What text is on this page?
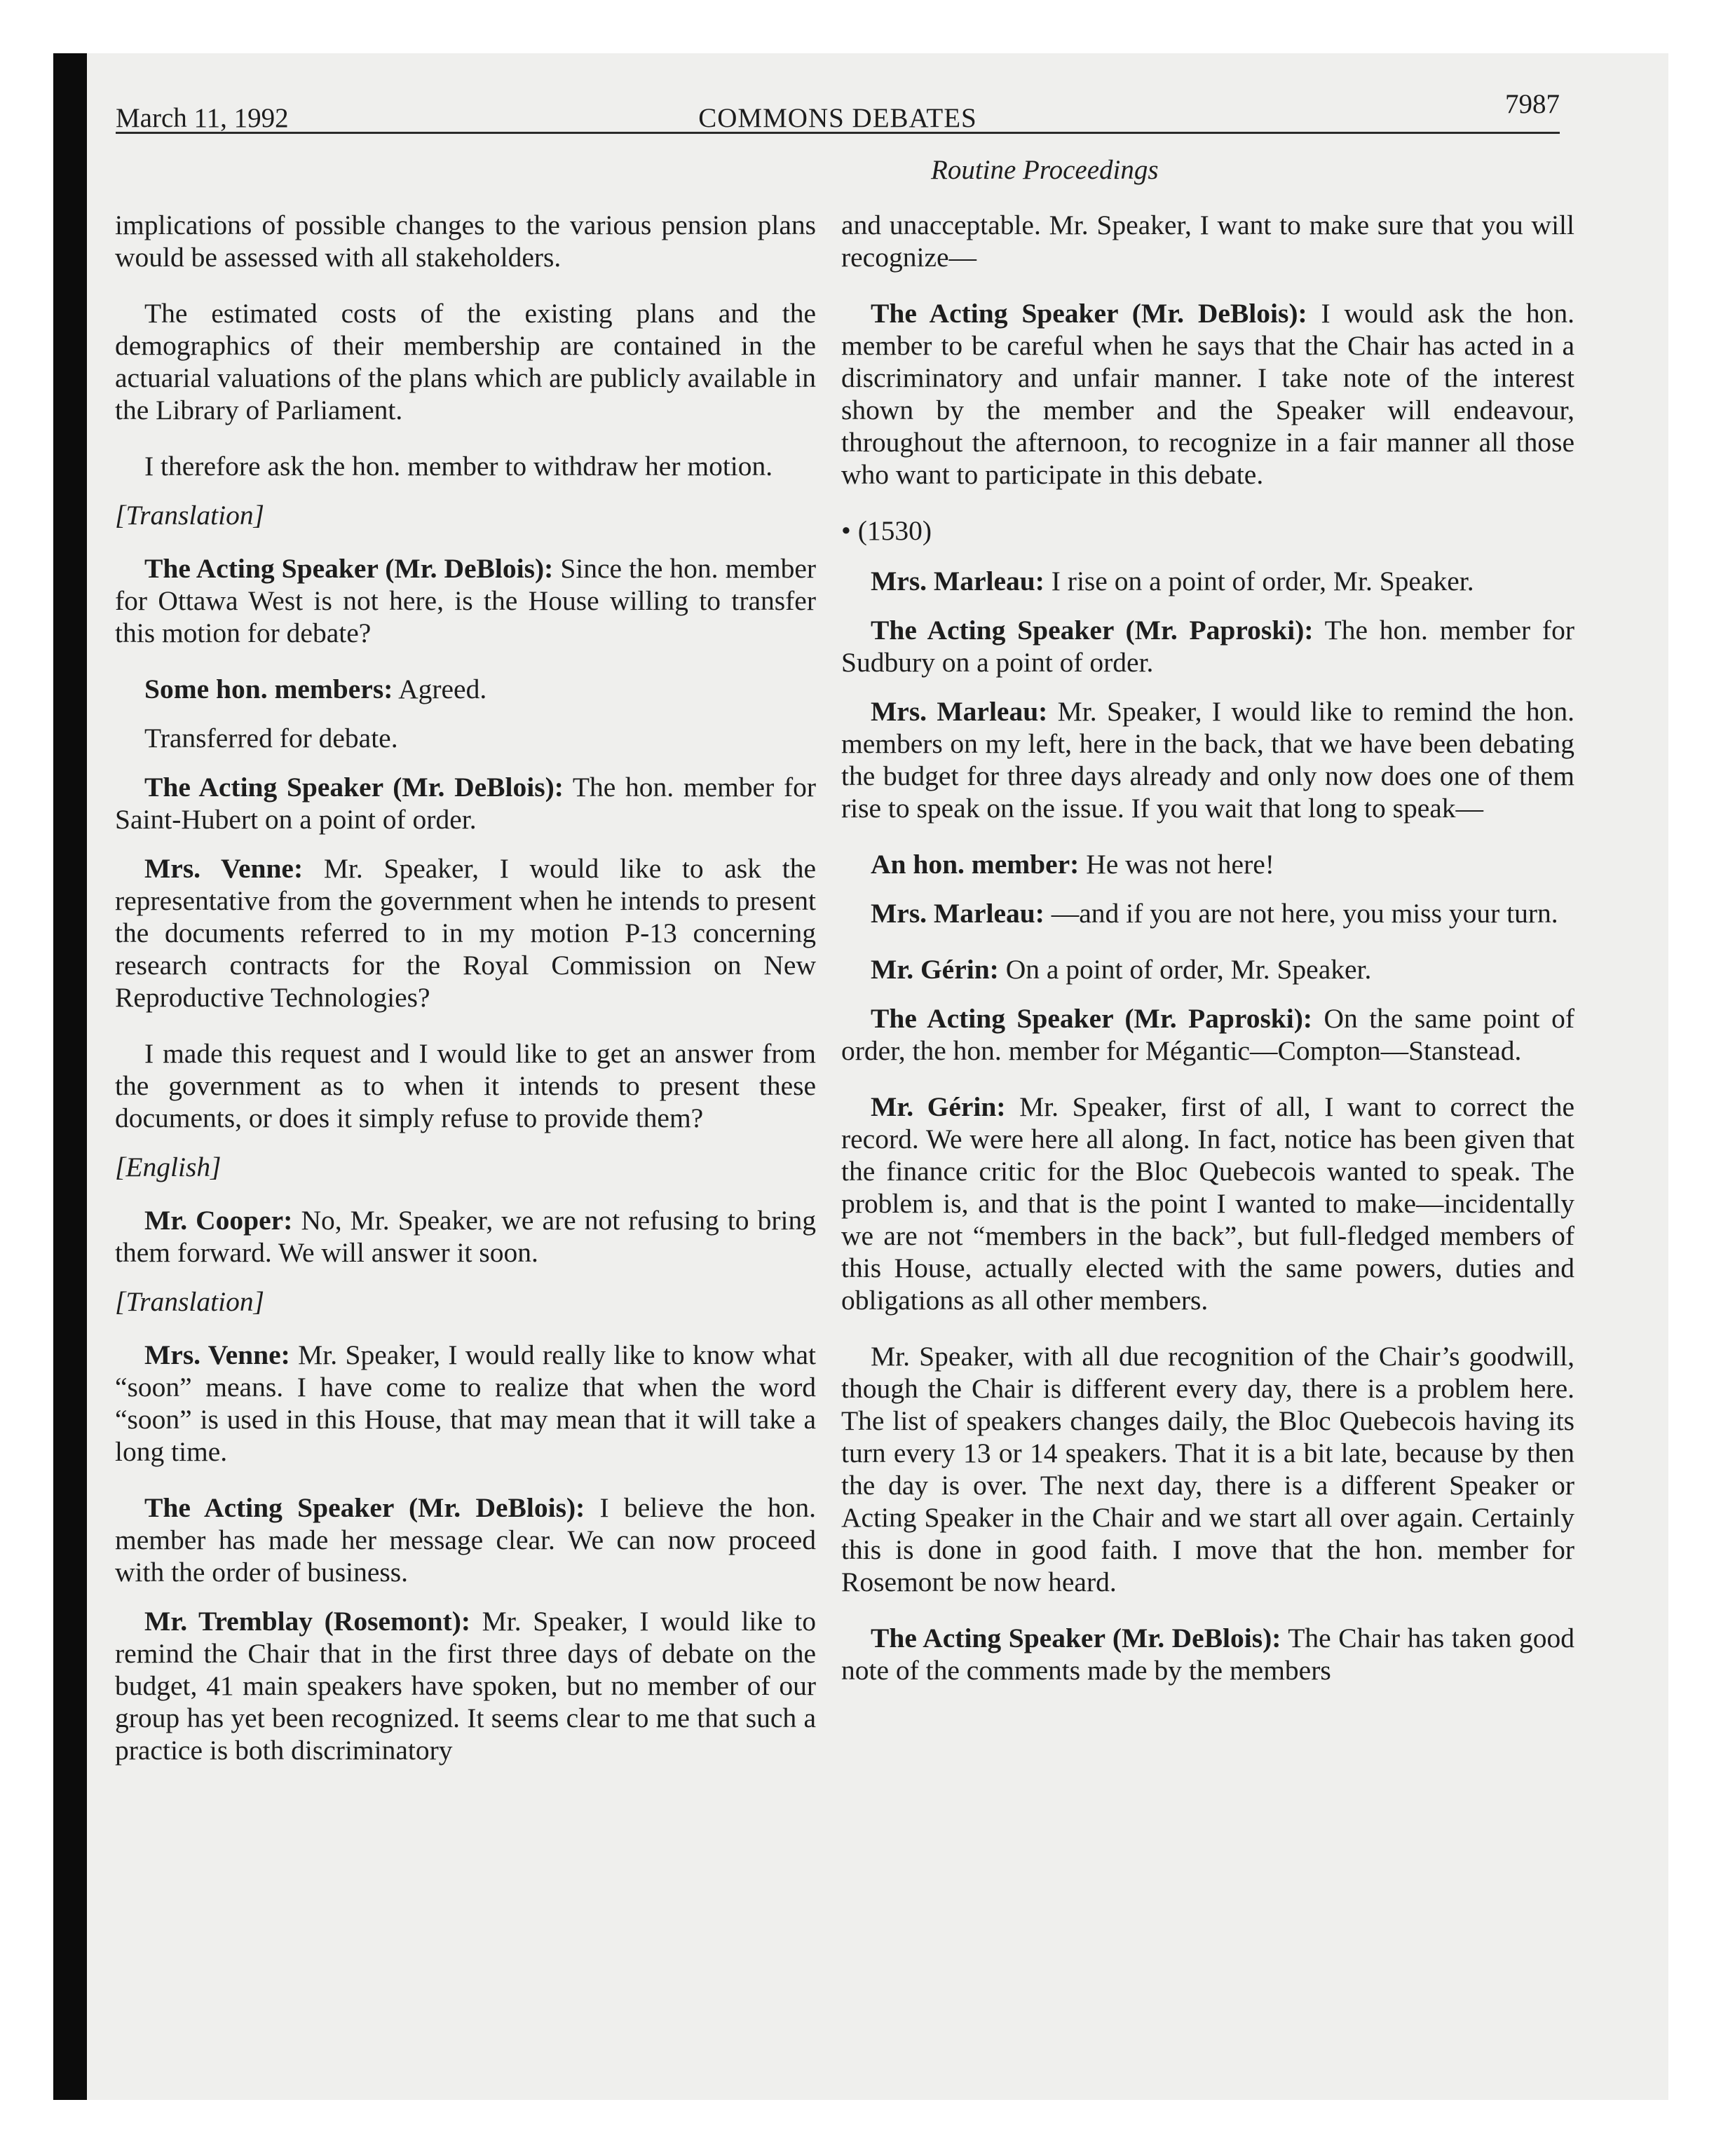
March 11, 1992	COMMONS DEBATES	7987
Routine Proceedings

implications of possible changes to the various pension plans would be assessed with all stakeholders.

The estimated costs of the existing plans and the demographics of their membership are contained in the actuarial valuations of the plans which are publicly available in the Library of Parliament.

I therefore ask the hon. member to withdraw her motion.

[Translation]

The Acting Speaker (Mr. DeBlois): Since the hon. member for Ottawa West is not here, is the House willing to transfer this motion for debate?

Some hon. members: Agreed.

Transferred for debate.

The Acting Speaker (Mr. DeBlois): The hon. member for Saint-Hubert on a point of order.

Mrs. Venne: Mr. Speaker, I would like to ask the representative from the government when he intends to present the documents referred to in my motion P-13 concerning research contracts for the Royal Commission on New Reproductive Technologies?

I made this request and I would like to get an answer from the government as to when it intends to present these documents, or does it simply refuse to provide them?

[English]

Mr. Cooper: No, Mr. Speaker, we are not refusing to bring them forward. We will answer it soon.

[Translation]

Mrs. Venne: Mr. Speaker, I would really like to know what “soon” means. I have come to realize that when the word “soon” is used in this House, that may mean that it will take a long time.

The Acting Speaker (Mr. DeBlois): I believe the hon. member has made her message clear. We can now proceed with the order of business.

Mr. Tremblay (Rosemont): Mr. Speaker, I would like to remind the Chair that in the first three days of debate on the budget, 41 main speakers have spoken, but no member of our group has yet been recognized. It seems clear to me that such a practice is both discriminatory

and unacceptable. Mr. Speaker, I want to make sure that you will recognize—

The Acting Speaker (Mr. DeBlois): I would ask the hon. member to be careful when he says that the Chair has acted in a discriminatory and unfair manner. I take note of the interest shown by the member and the Speaker will endeavour, throughout the afternoon, to recognize in a fair manner all those who want to participate in this debate.

• (1530)

Mrs. Marleau: I rise on a point of order, Mr. Speaker.

The Acting Speaker (Mr. Paproski): The hon. member for Sudbury on a point of order.

Mrs. Marleau: Mr. Speaker, I would like to remind the hon. members on my left, here in the back, that we have been debating the budget for three days already and only now does one of them rise to speak on the issue. If you wait that long to speak—

An hon. member: He was not here!

Mrs. Marleau: —and if you are not here, you miss your turn.

Mr. Gérin: On a point of order, Mr. Speaker.

The Acting Speaker (Mr. Paproski): On the same point of order, the hon. member for Mégantic—Compton—Stanstead.

Mr. Gérin: Mr. Speaker, first of all, I want to correct the record. We were here all along. In fact, notice has been given that the finance critic for the Bloc Quebecois wanted to speak. The problem is, and that is the point I wanted to make—incidentally we are not “members in the back”, but full-fledged members of this House, actually elected with the same powers, duties and obligations as all other members.

Mr. Speaker, with all due recognition of the Chair’s goodwill, though the Chair is different every day, there is a problem here. The list of speakers changes daily, the Bloc Quebecois having its turn every 13 or 14 speakers. That it is a bit late, because by then the day is over. The next day, there is a different Speaker or Acting Speaker in the Chair and we start all over again. Certainly this is done in good faith. I move that the hon. member for Rosemont be now heard.

The Acting Speaker (Mr. DeBlois): The Chair has taken good note of the comments made by the members
